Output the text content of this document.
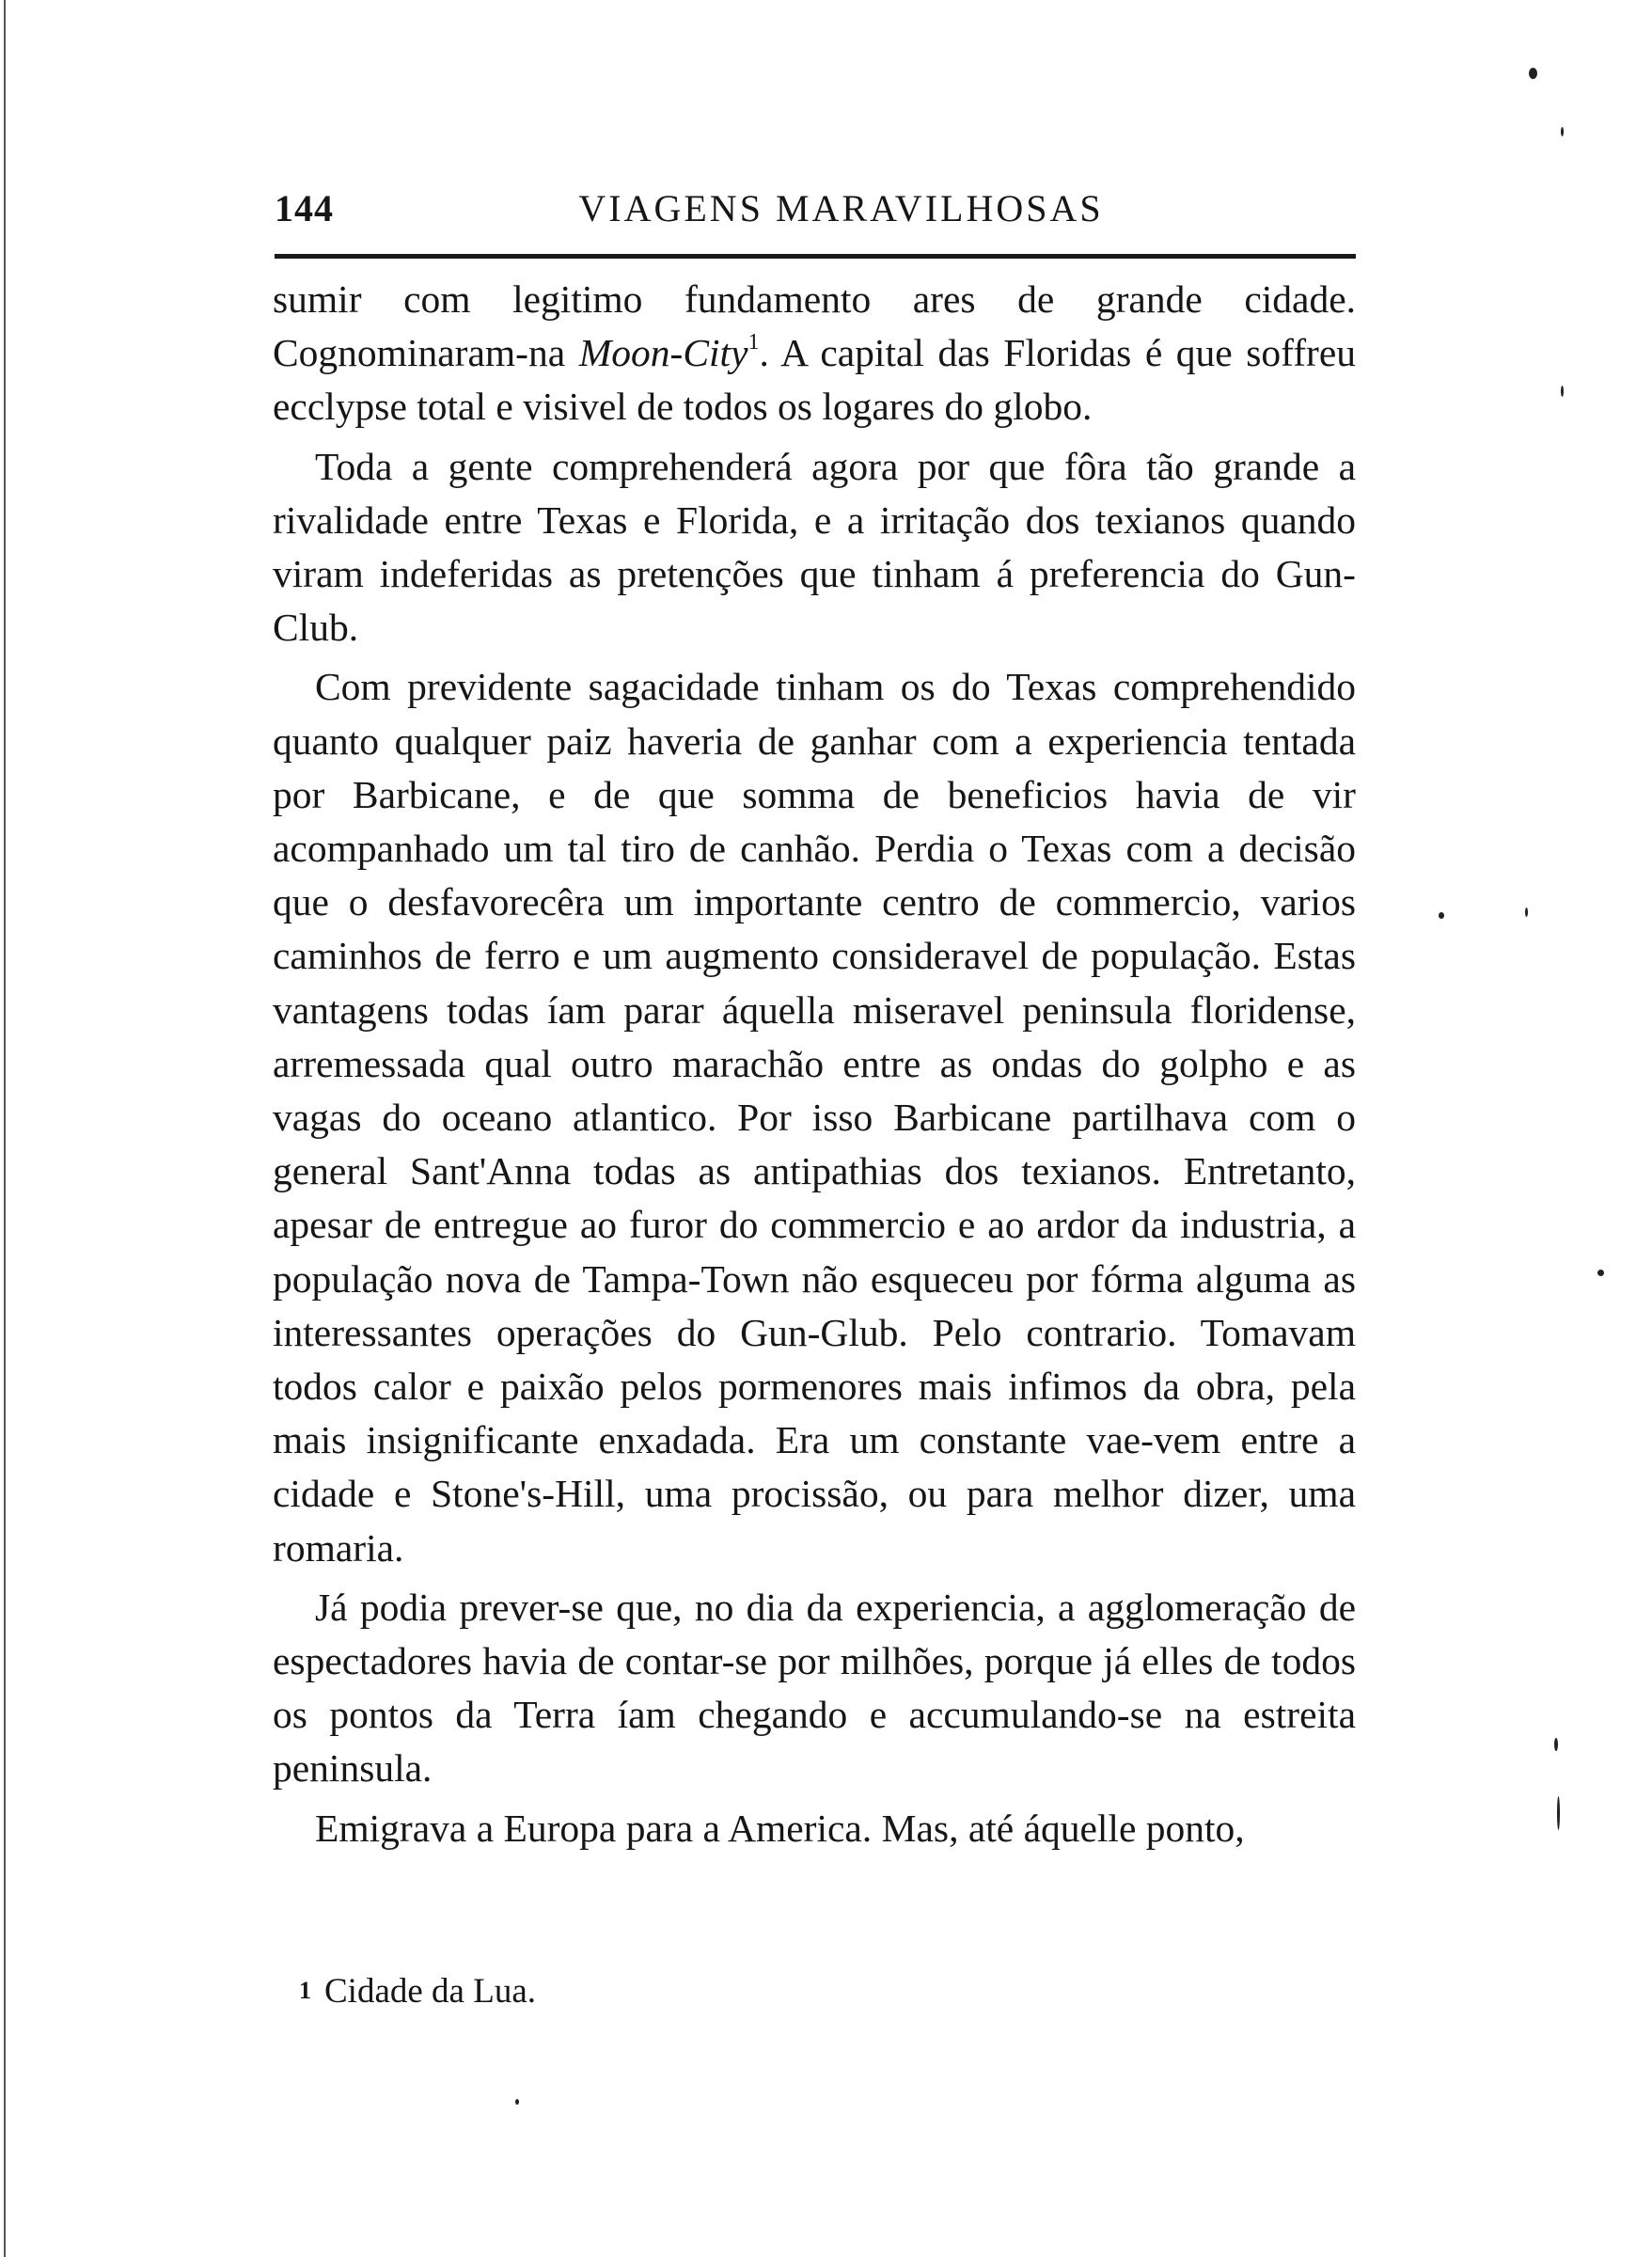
144	VIAGENS MARAVILHOSAS

sumir com legitimo fundamento ares de grande cidade. Cognominaram-na Moon-City$^1$. A capital das Floridas é que soffreu ecclypse total e visivel de todos os logares do globo.

Toda a gente comprehenderá agora por que fôra tão grande a rivalidade entre Texas e Florida, e a irritação dos texianos quando viram indeferidas as pretenções que tinham á preferencia do Gun-Club.

Com previdente sagacidade tinham os do Texas comprehendido quanto qualquer paiz haveria de ganhar com a experiencia tentada por Barbicane, e de que somma de beneficios havia de vir acompanhado um tal tiro de canhão. Perdia o Texas com a decisão que o desfavorecêra um importante centro de commercio, varios caminhos de ferro e um augmento consideravel de população. Estas vantagens todas íam parar áquella miseravel peninsula floridense, arremessada qual outro marachão entre as ondas do golpho e as vagas do oceano atlantico. Por isso Barbicane partilhava com o general Sant'Anna todas as antipathias dos texianos. Entretanto, apesar de entregue ao furor do commercio e ao ardor da industria, a população nova de Tampa-Town não esqueceu por fórma alguma as interessantes operações do Gun-Glub. Pelo contrario. Tomavam todos calor e paixão pelos pormenores mais infimos da obra, pela mais insignificante enxadada. Era um constante vae-vem entre a cidade e Stone's-Hill, uma procissão, ou para melhor dizer, uma romaria.

Já podia prever-se que, no dia da experiencia, a agglomeração de espectadores havia de contar-se por milhões, porque já elles de todos os pontos da Terra íam chegando e accumulando-se na estreita peninsula.

Emigrava a Europa para a America. Mas, até áquelle ponto,

1 Cidade da Lua.
